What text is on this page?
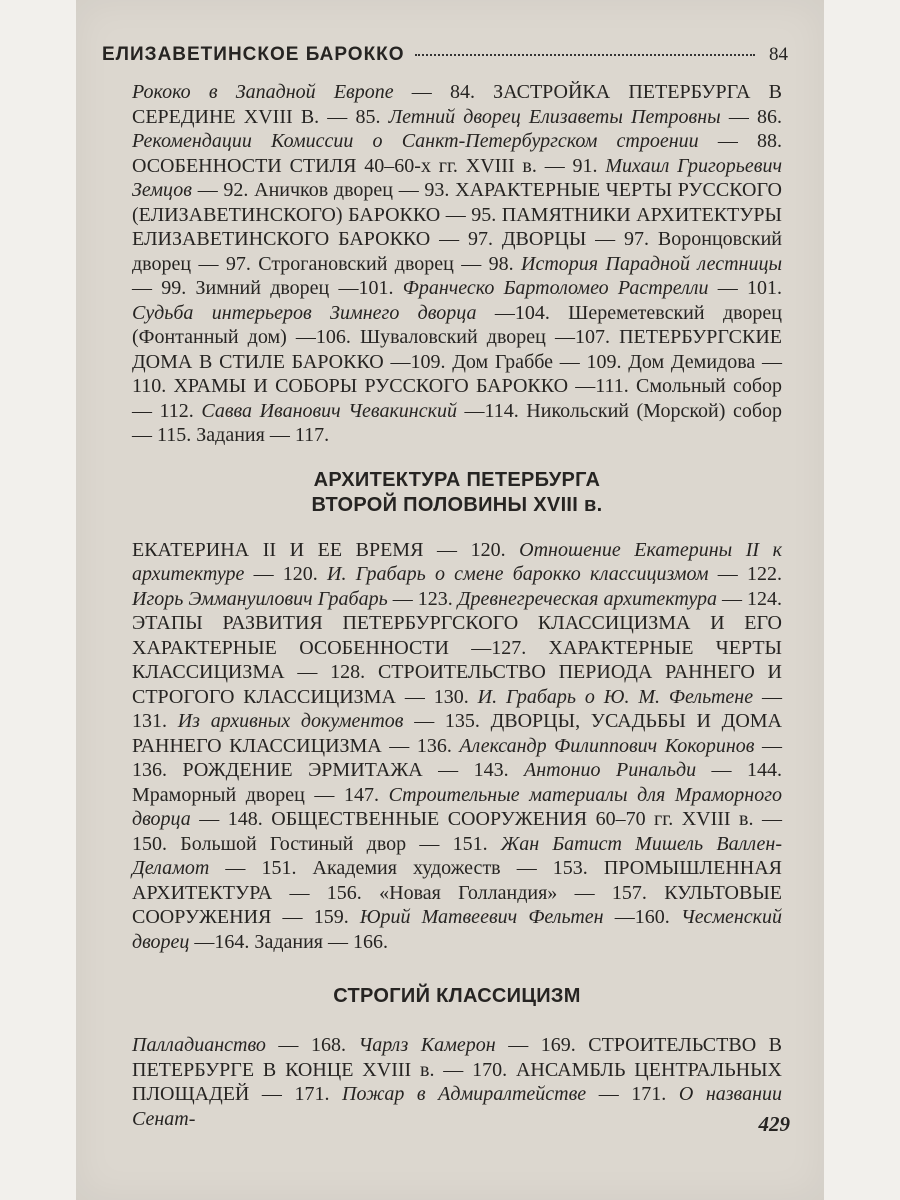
ЕЛИЗАВЕТИНСКОЕ БАРОККО	84

Рококо в Западной Европе — 84. ЗАСТРОЙКА ПЕТЕРБУРГА В СЕРЕДИНЕ XVIII В. — 85. Летний дворец Елизаветы Петровны — 86. Рекомендации Комиссии о Санкт-Петербургском строении — 88. ОСОБЕННОСТИ СТИЛЯ 40–60-х гг. XVIII в. — 91. Михаил Григорьевич Земцов — 92. Аничков дворец — 93. ХАРАКТЕРНЫЕ ЧЕРТЫ РУССКОГО (ЕЛИЗАВЕТИНСКОГО) БАРОККО — 95. ПАМЯТНИКИ АРХИТЕКТУРЫ ЕЛИЗАВЕТИНСКОГО БАРОККО — 97. ДВОРЦЫ — 97. Воронцовский дворец — 97. Строгановский дворец — 98. История Парадной лестницы — 99. Зимний дворец —101. Франческо Бартоломео Растрелли — 101. Судьба интерьеров Зимнего дворца —104. Шереметевский дворец (Фонтанный дом) —106. Шуваловский дворец —107. ПЕТЕРБУРГСКИЕ ДОМА В СТИЛЕ БАРОККО —109. Дом Граббе — 109. Дом Демидова —110. ХРАМЫ И СОБОРЫ РУССКОГО БАРОККО —111. Смольный собор — 112. Савва Иванович Чевакинский —114. Никольский (Морской) собор — 115. Задания — 117.

АРХИТЕКТУРА ПЕТЕРБУРГА
ВТОРОЙ ПОЛОВИНЫ XVIII в.

ЕКАТЕРИНА II И ЕЕ ВРЕМЯ — 120. Отношение Екатерины II к архитектуре — 120. И. Грабарь о смене барокко классицизмом — 122. Игорь Эммануилович Грабарь — 123. Древнегреческая архитектура — 124. ЭТАПЫ РАЗВИТИЯ ПЕТЕРБУРГСКОГО КЛАССИЦИЗМА И ЕГО ХАРАКТЕРНЫЕ ОСОБЕННОСТИ —127. ХАРАКТЕРНЫЕ ЧЕРТЫ КЛАССИЦИЗМА — 128. СТРОИТЕЛЬСТВО ПЕРИОДА РАННЕГО И СТРОГОГО КЛАССИЦИЗМА — 130. И. Грабарь о Ю. М. Фельтене — 131. Из архивных документов — 135. ДВОРЦЫ, УСАДЬБЫ И ДОМА РАННЕГО КЛАССИЦИЗМА — 136. Александр Филиппович Кокоринов — 136. РОЖДЕНИЕ ЭРМИТАЖА — 143. Антонио Ринальди — 144. Мраморный дворец — 147. Строительные материалы для Мраморного дворца — 148. ОБЩЕСТВЕННЫЕ СООРУЖЕНИЯ 60–70 гг. XVIII в. —150. Большой Гостиный двор — 151. Жан Батист Мишель Валлен-Деламот — 151. Академия художеств — 153. ПРОМЫШЛЕННАЯ АРХИТЕКТУРА — 156. «Новая Голландия» — 157. КУЛЬТОВЫЕ СООРУЖЕНИЯ — 159. Юрий Матвеевич Фельтен —160. Чесменский дворец —164. Задания — 166.

СТРОГИЙ КЛАССИЦИЗМ

Палладианство — 168. Чарлз Камерон — 169. СТРОИТЕЛЬСТВО В ПЕТЕРБУРГЕ В КОНЦЕ XVIII в. — 170. АНСАМБЛЬ ЦЕНТРАЛЬНЫХ ПЛОЩАДЕЙ — 171. Пожар в Адмиралтействе — 171. О названии Сенат-	429
